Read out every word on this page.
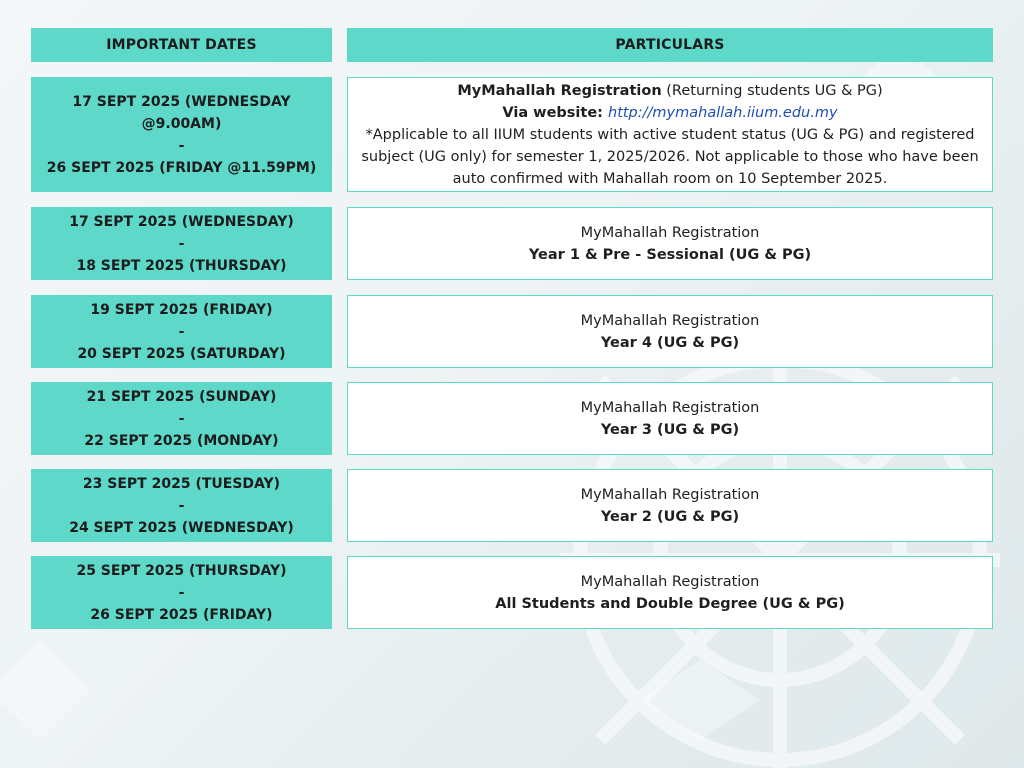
IMPORTANT DATES	PARTICULARS
17 SEPT 2025 (WEDNESDAY
@9.00AM)
-
26 SEPT 2025 (FRIDAY @11.59PM)
MyMahallah Registration (Returning students UG & PG)
Via website: http://mymahallah.iium.edu.my
*Applicable to all IIUM students with active student status (UG & PG) and registered
subject (UG only) for semester 1, 2025/2026. Not applicable to those who have been
auto confirmed with Mahallah room on 10 September 2025.
17 SEPT 2025 (WEDNESDAY)
-
18 SEPT 2025 (THURSDAY)
MyMahallah Registration
Year 1 & Pre - Sessional (UG & PG)
19 SEPT 2025 (FRIDAY)
-
20 SEPT 2025 (SATURDAY)
MyMahallah Registration
Year 4 (UG & PG)
21 SEPT 2025 (SUNDAY)
-
22 SEPT 2025 (MONDAY)
MyMahallah Registration
Year 3 (UG & PG)
23 SEPT 2025 (TUESDAY)
-
24 SEPT 2025 (WEDNESDAY)
MyMahallah Registration
Year 2 (UG & PG)
25 SEPT 2025 (THURSDAY)
-
26 SEPT 2025 (FRIDAY)
MyMahallah Registration
All Students and Double Degree (UG & PG)
